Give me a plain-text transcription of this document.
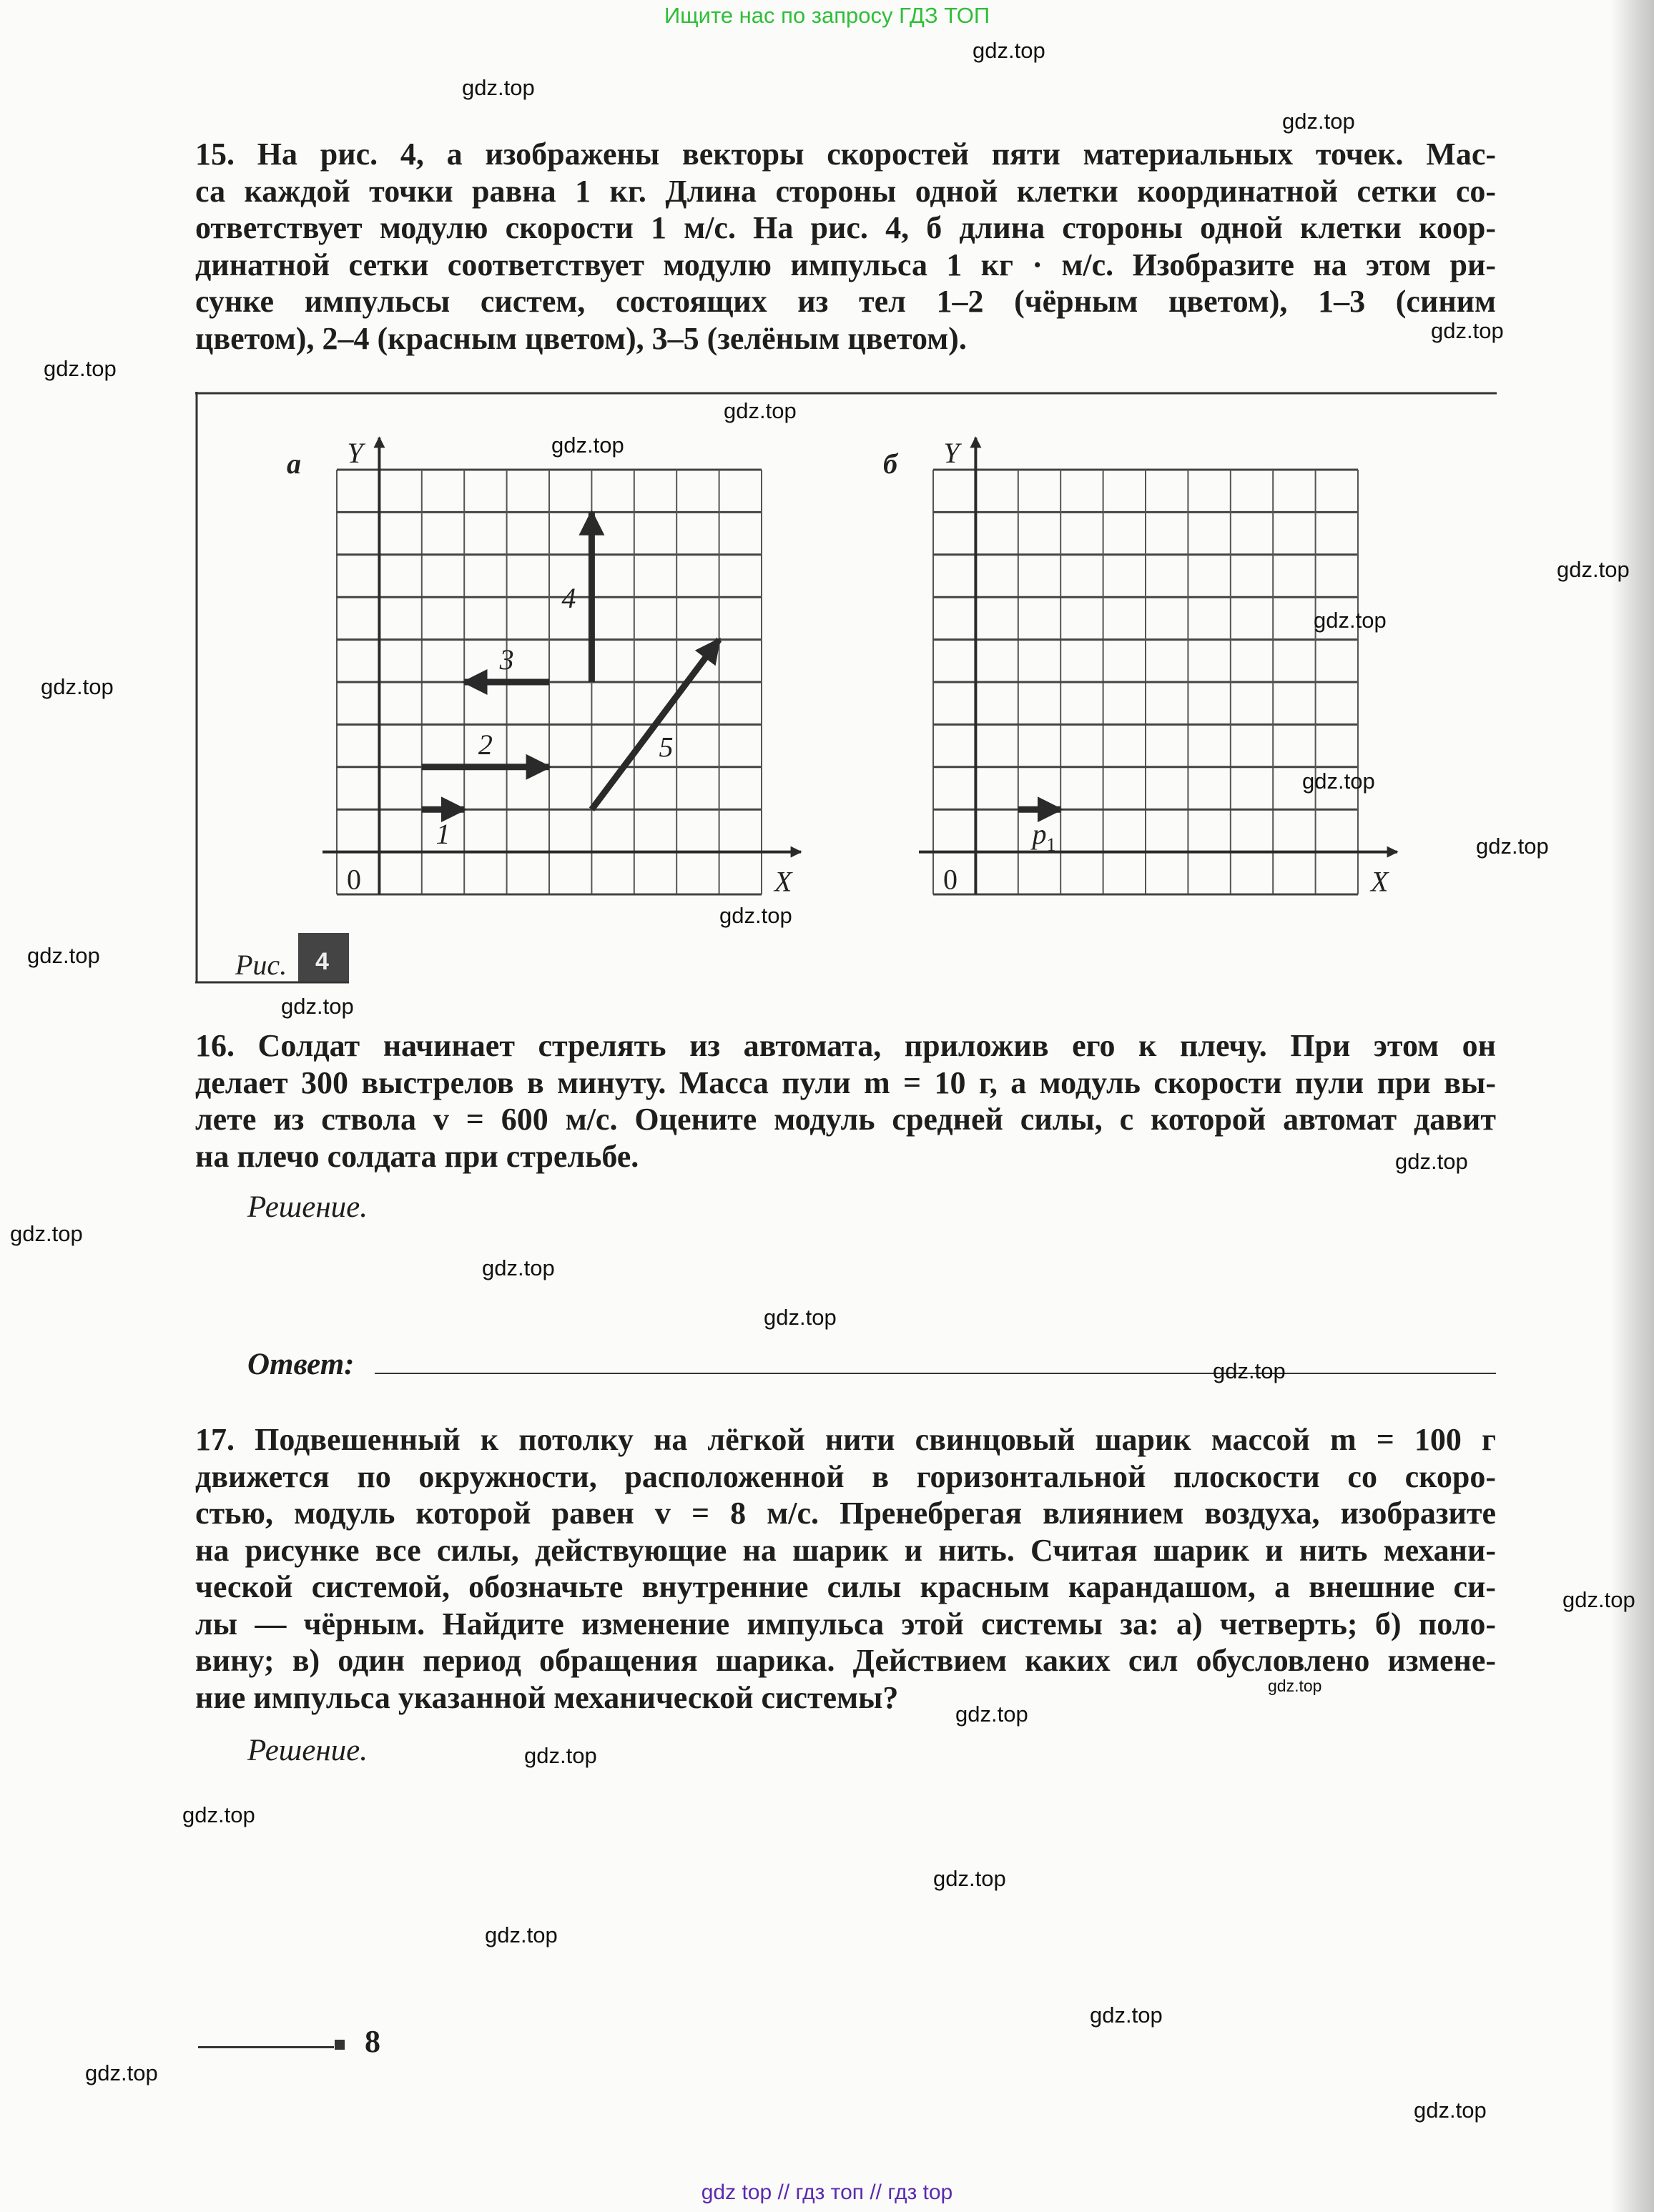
Ищите нас по запросу ГДЗ ТОП
15. На рис. 4, а изображены векторы скоростей пяти материальных точек. Мас-
са каждой точки равна 1 кг. Длина стороны одной клетки координатной сетки со-
ответствует модулю скорости 1 м/с. На рис. 4, б длина стороны одной клетки коор-
динатной сетки соответствует модулю импульса 1 кг · м/с. Изобразите на этом ри-
сунке импульсы систем, состоящих из тел 1–2 (чёрным цветом), 1–3 (синим
цветом), 2–4 (красным цветом), 3–5 (зелёным цветом).
Рис. 4
а Y
0	X
1
2
3
4
5
б Y
0	X
$p_1$
16. Солдат начинает стрелять из автомата, приложив его к плечу. При этом он
делает 300 выстрелов в минуту. Масса пули m = 10 г, а модуль скорости пули при вы-
лете из ствола v = 600 м/с. Оцените модуль средней силы, с которой автомат давит
на плечо солдата при стрельбе.
Решение.
Ответ:
17. Подвешенный к потолку на лёгкой нити свинцовый шарик массой m = 100 г
движется по окружности, расположенной в горизонтальной плоскости со скоро-
стью, модуль которой равен v = 8 м/с. Пренебрегая влиянием воздуха, изобразите
на рисунке все силы, действующие на шарик и нить. Считая шарик и нить механи-
ческой системой, обозначьте внутренние силы красным карандашом, а внешние си-
лы — чёрным. Найдите изменение импульса этой системы за: а) четверть; б) поло-
вину; в) один период обращения шарика. Действием каких сил обусловлено измене-
ние импульса указанной механической системы?
Решение.
8
gdz top // гдз топ // гдз top
gdz.top
gdz.top
gdz.top
gdz.top
gdz.top
gdz.top
gdz.top
gdz.top
gdz.top
gdz.top
gdz.top
gdz.top
gdz.top
gdz.top
gdz.top
gdz.top
gdz.top
gdz.top
gdz.top
gdz.top
gdz.top
gdz.top
gdz.top
gdz.top
gdz.top
gdz.top
gdz.top
gdz.top
gdz.top
gdz.top
